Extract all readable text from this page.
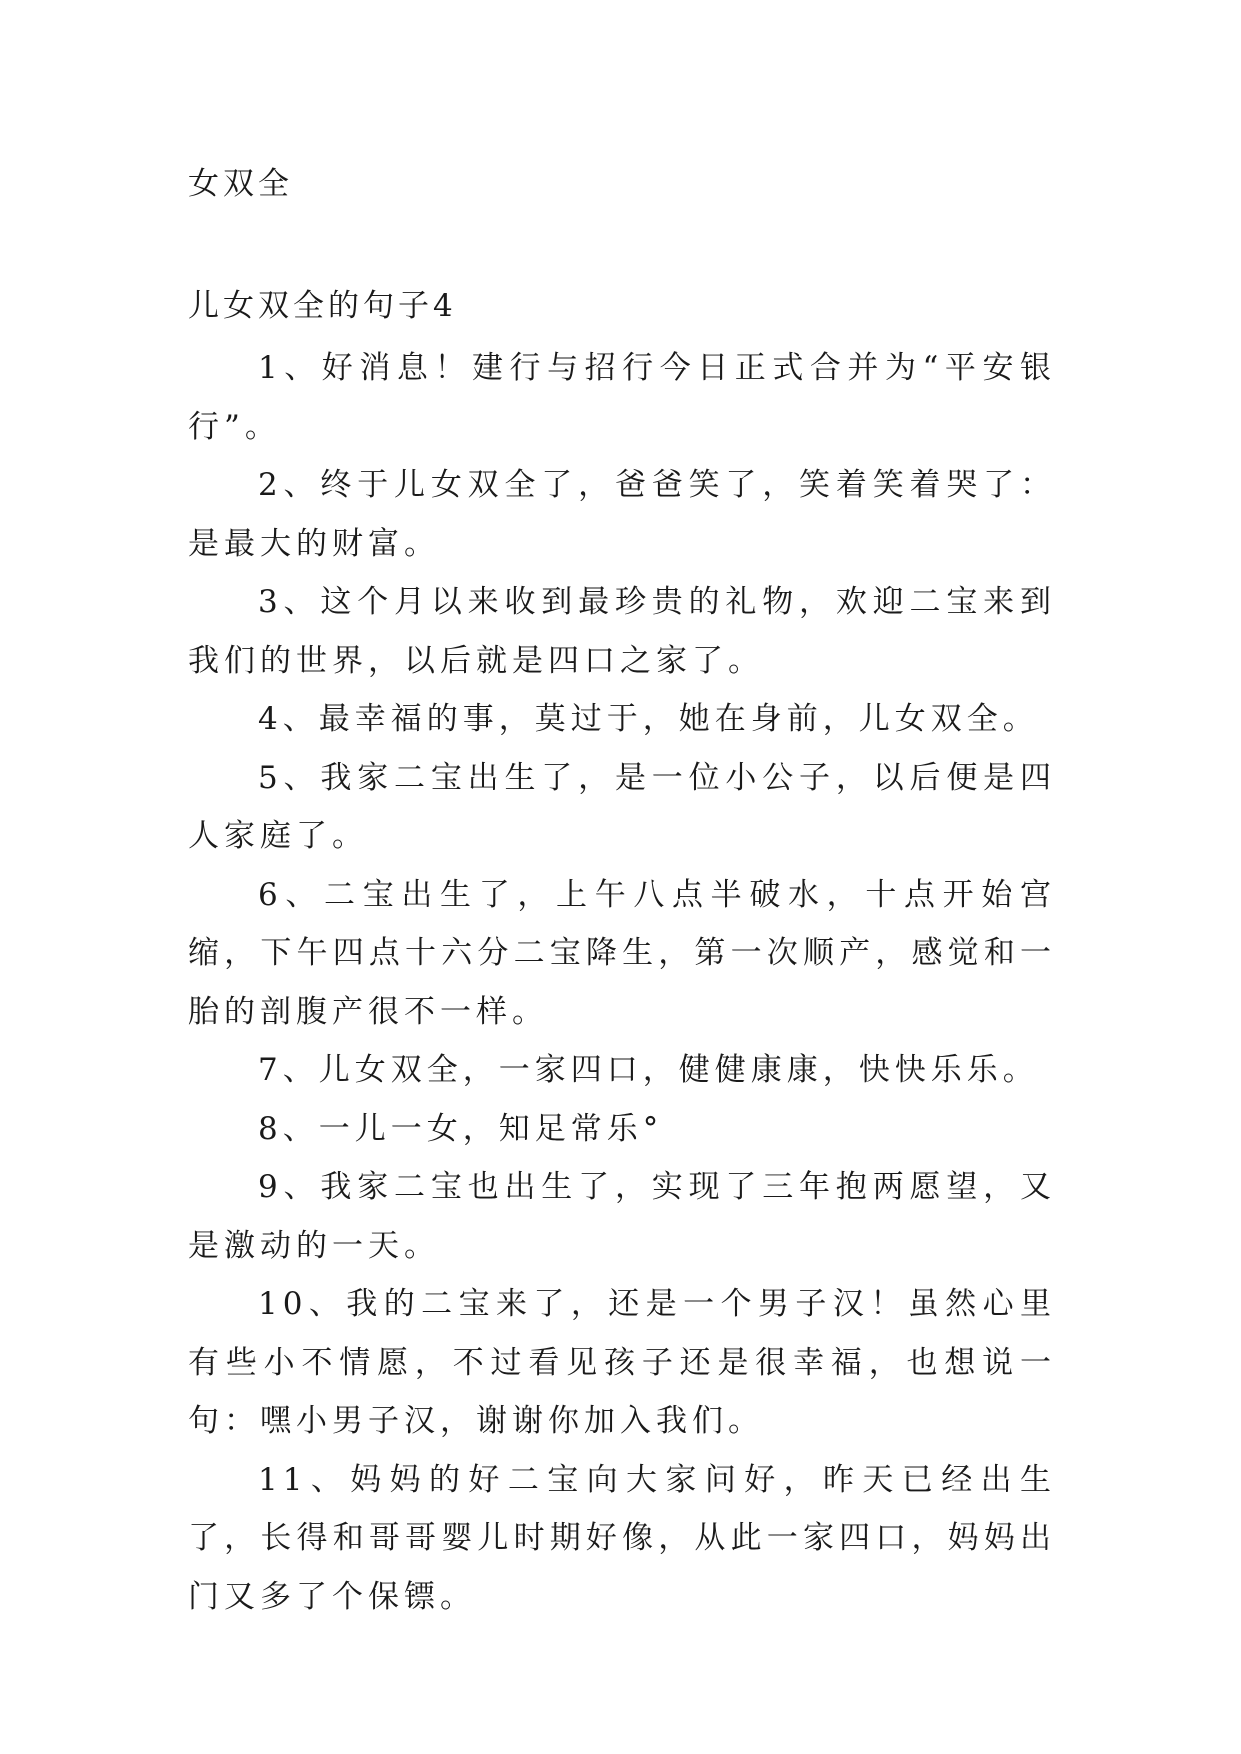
女双全
儿女双全的句子4

1、好消息！建行与招行今日正式合并为“平安银行”。

2、终于儿女双全了，爸爸笑了，笑着笑着哭了：是最大的财富。

3、这个月以来收到最珍贵的礼物，欢迎二宝来到我们的世界，以后就是四口之家了。

4、最幸福的事，莫过于，她在身前，儿女双全。

5、我家二宝出生了，是一位小公子，以后便是四人家庭了。

6、二宝出生了，上午八点半破水，十点开始宫缩，下午四点十六分二宝降生，第一次顺产，感觉和一胎的剖腹产很不一样。

7、儿女双全，一家四口，健健康康，快快乐乐。

8、一儿一女，知足常乐°

9、我家二宝也出生了，实现了三年抱两愿望，又是激动的一天。

10、我的二宝来了，还是一个男子汉！虽然心里有些小不情愿，不过看见孩子还是很幸福，也想说一句：嘿小男子汉，谢谢你加入我们。

11、妈妈的好二宝向大家问好，昨天已经出生了，长得和哥哥婴儿时期好像，从此一家四口，妈妈出门又多了个保镖。
